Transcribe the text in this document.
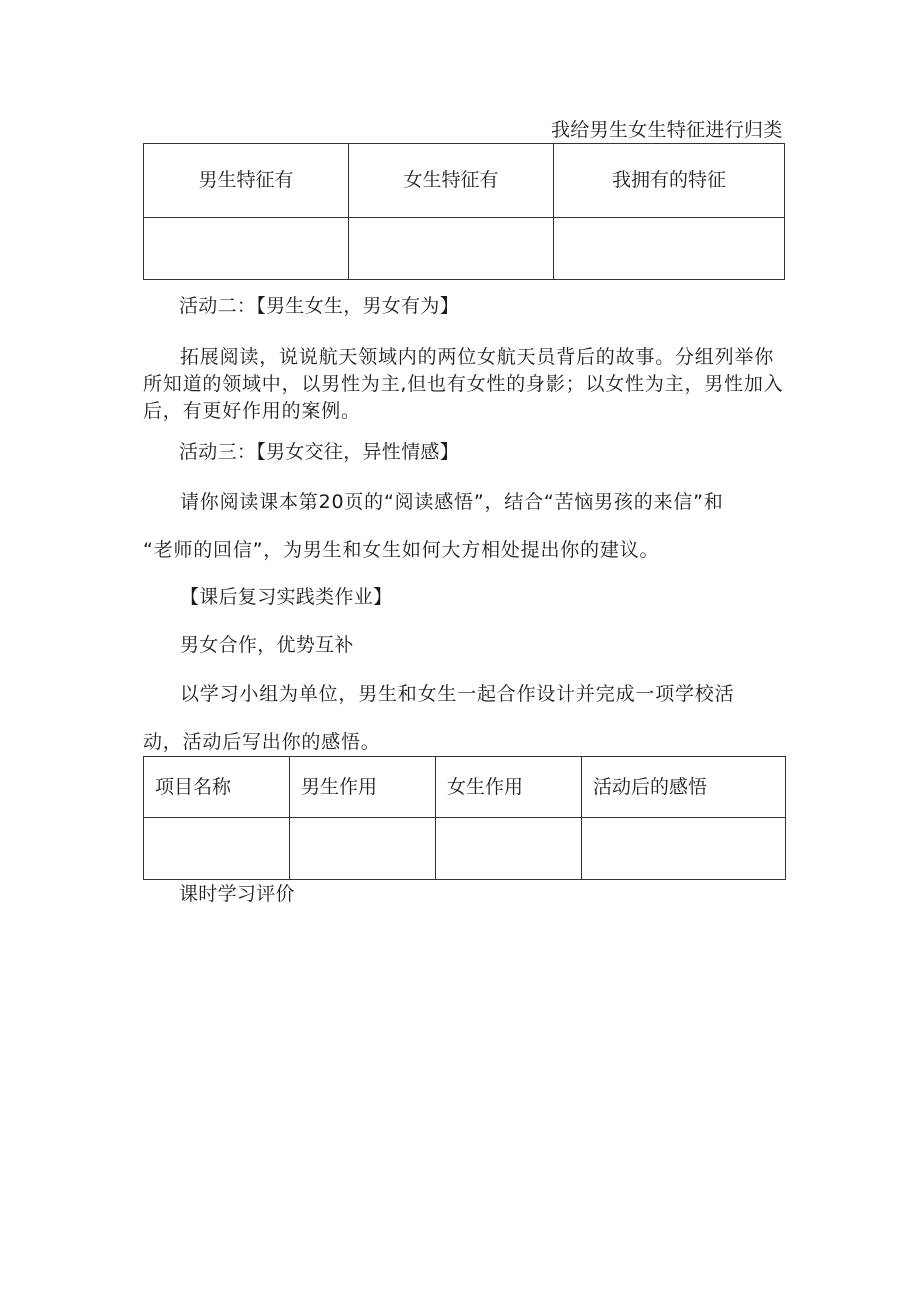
我给男生女生特征进行归类
男生特征有	女生特征有	我拥有的特征

活动二：【男生女生，男女有为】
拓展阅读，说说航天领域内的两位女航天员背后的故事。分组列举你
所知道的领域中，以男性为主,但也有女性的身影；以女性为主，男性加入
后，有更好作用的案例。
活动三：【男女交往，异性情感】
请你阅读课本第20页的“阅读感悟”，结合“苦恼男孩的来信”和
“老师的回信”，为男生和女生如何大方相处提出你的建议。
【课后复习实践类作业】
男女合作，优势互补
以学习小组为单位，男生和女生一起合作设计并完成一项学校活
动，活动后写出你的感悟。
项目名称	男生作用	女生作用	活动后的感悟

课时学习评价
